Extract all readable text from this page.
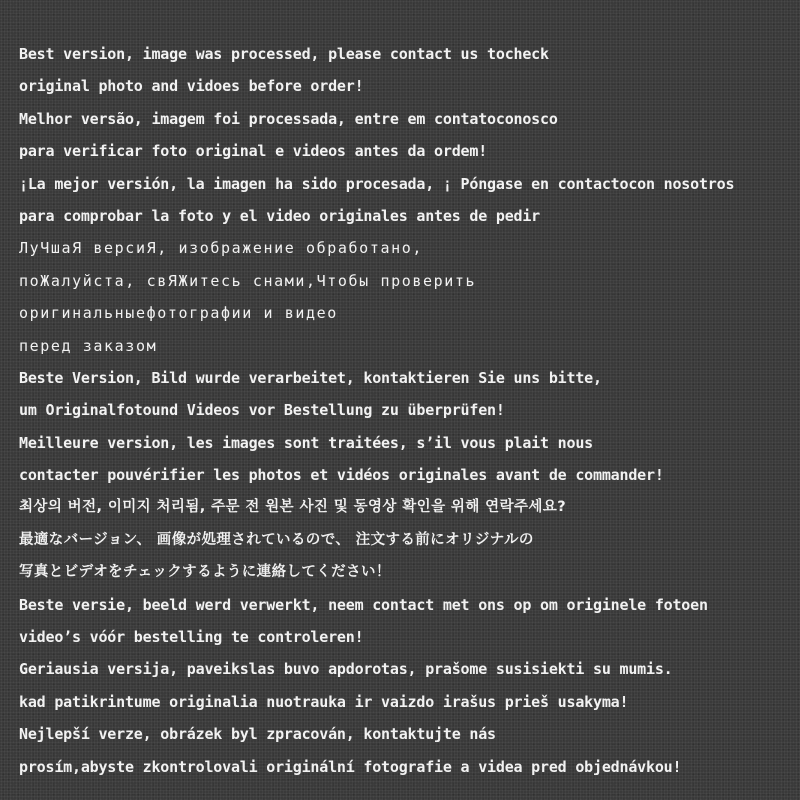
Best version, image was processed, please contact us tocheck
original photo and vidoes before order!
Melhor versão, imagem foi processada, entre em contatoconosco
para verificar foto original e videos antes da ordem!
¡La mejor versión, la imagen ha sido procesada, ¡ Póngase en contactocon nosotros
para comprobar la foto y el video originales antes de pedir
ЛуЧшаЯ версиЯ, изображение обработано,
поЖалуйста, свЯЖитесь снами,Чтобы проверить
оригинальныефотографии и видео
перед заказом
Beste Version, Bild wurde verarbeitet, kontaktieren Sie uns bitte,
um Originalfotound Videos vor Bestellung zu überprüfen!
Meilleure version, les images sont traitées, s’il vous plait nous
contacter pouvérifier les photos et vidéos originales avant de commander!
최상의 버전, 이미지 처리됨, 주문 전 원본 사진 및 동영상 확인을 위해 연락주세요?
最適なバージョン、 画像が処理されているので、 注文する前にオリジナルの
写真とビデオをチェックするように連絡してください！
Beste versie, beeld werd verwerkt, neem contact met ons op om originele fotoen
video’s vóór bestelling te controleren!
Geriausia versija, paveikslas buvo apdorotas, prašome susisiekti su mumis.
kad patikrintume originalia nuotrauka ir vaizdo irašus prieš usakyma!
Nejlepší verze, obrázek byl zpracován, kontaktujte nás
prosím,abyste zkontrolovali originální fotografie a videa pred objednávkou!
